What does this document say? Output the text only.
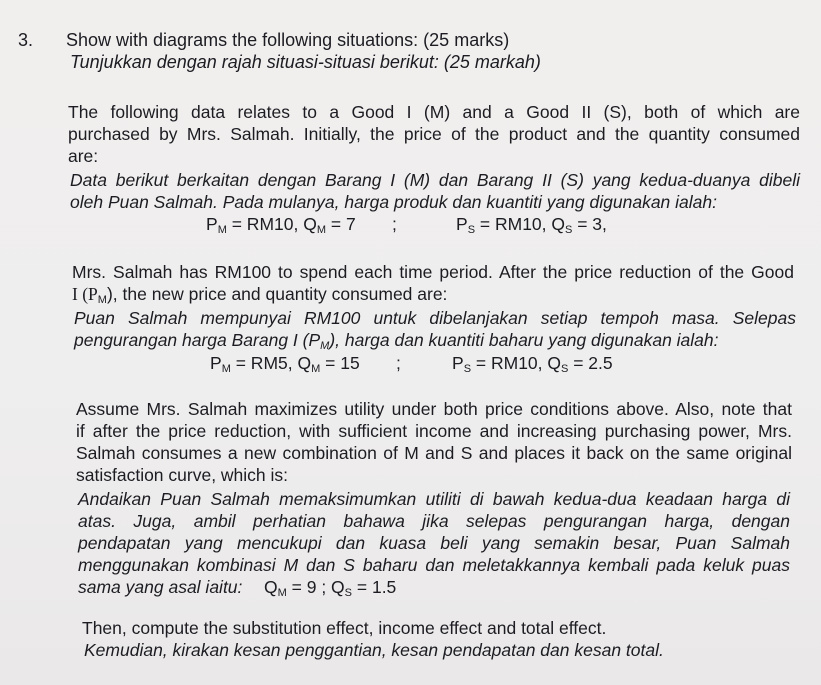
3. Show with diagrams the following situations: (25 marks)
Tunjukkan dengan rajah situasi-situasi berikut: (25 markah)
The following data relates to a Good I (M) and a Good II (S), both of which are
purchased by Mrs. Salmah. Initially, the price of the product and the quantity consumed
are:
Data berikut berkaitan dengan Barang I (M) dan Barang II (S) yang kedua-duanya dibeli
oleh Puan Salmah. Pada mulanya, harga produk dan kuantiti yang digunakan ialah:
PM = RM10, QM = 7 ;	PS = RM10, QS = 3,
Mrs. Salmah has RM100 to spend each time period. After the price reduction of the Good
I (PM), the new price and quantity consumed are:
Puan Salmah mempunyai RM100 untuk dibelanjakan setiap tempoh masa. Selepas
pengurangan harga Barang I (PM), harga dan kuantiti baharu yang digunakan ialah:
PM = RM5, QM = 15 ;	PS = RM10, QS = 2.5
Assume Mrs. Salmah maximizes utility under both price conditions above. Also, note that
if after the price reduction, with sufficient income and increasing purchasing power, Mrs.
Salmah consumes a new combination of M and S and places it back on the same original
satisfaction curve, which is:
Andaikan Puan Salmah memaksimumkan utiliti di bawah kedua-dua keadaan harga di
atas. Juga, ambil perhatian bahawa jika selepas pengurangan harga, dengan
pendapatan yang mencukupi dan kuasa beli yang semakin besar, Puan Salmah
menggunakan kombinasi M dan S baharu dan meletakkannya kembali pada keluk puas
sama yang asal iaitu: QM = 9 ; QS = 1.5
Then, compute the substitution effect, income effect and total effect.
Kemudian, kirakan kesan penggantian, kesan pendapatan dan kesan total.
